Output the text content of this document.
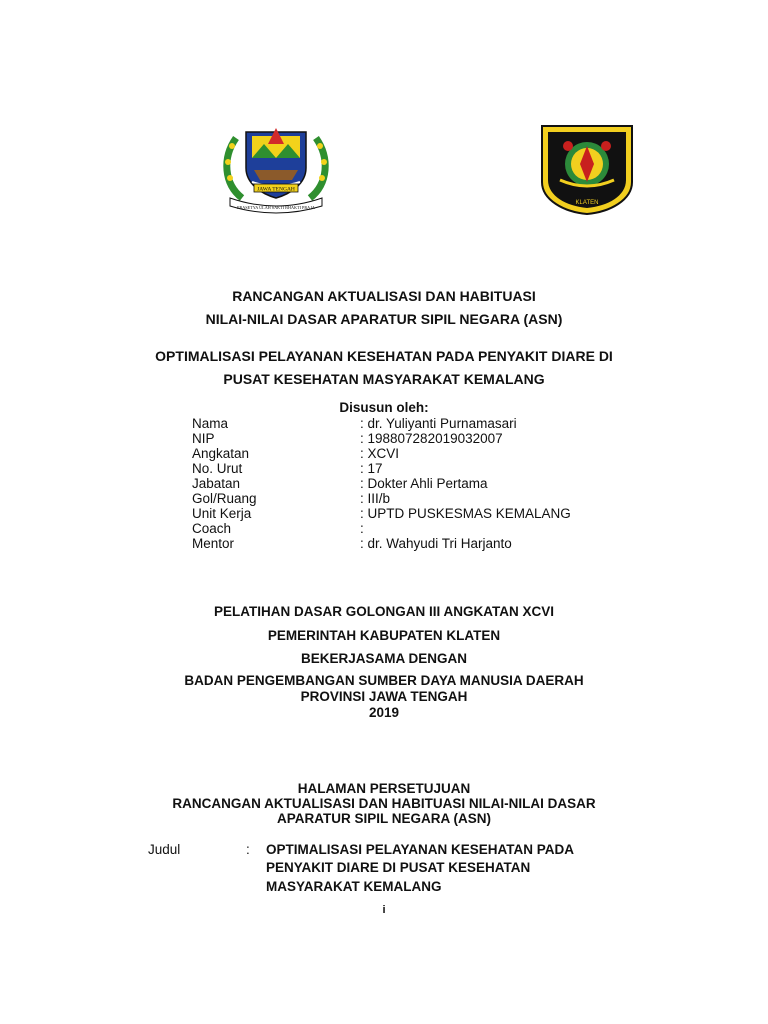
JAWA TENGAH
PRASETYA ULAH SAKTI BHAKTI PRAJA
KLATEN
RANCANGAN AKTUALISASI DAN HABITUASI
NILAI-NILAI DASAR APARATUR SIPIL NEGARA (ASN)
OPTIMALISASI PELAYANAN KESEHATAN PADA PENYAKIT DIARE DI
PUSAT KESEHATAN MASYARAKAT KEMALANG
Disusun oleh:
Nama	: dr. Yuliyanti Purnamasari
NIP	: 198807282019032007
Angkatan	: XCVI
No. Urut	: 17
Jabatan	: Dokter Ahli Pertama
Gol/Ruang	: III/b
Unit Kerja	: UPTD PUSKESMAS KEMALANG
Coach	:
Mentor	: dr. Wahyudi Tri Harjanto
PELATIHAN DASAR GOLONGAN III ANGKATAN XCVI
PEMERINTAH KABUPATEN KLATEN
BEKERJASAMA DENGAN
BADAN PENGEMBANGAN SUMBER DAYA MANUSIA DAERAH
PROVINSI JAWA TENGAH
2019
HALAMAN PERSETUJUAN
RANCANGAN AKTUALISASI DAN HABITUASI NILAI-NILAI DASAR
APARATUR SIPIL NEGARA (ASN)
Judul	: OPTIMALISASI PELAYANAN KESEHATAN PADA
PENYAKIT DIARE DI PUSAT KESEHATAN
MASYARAKAT KEMALANG
i
